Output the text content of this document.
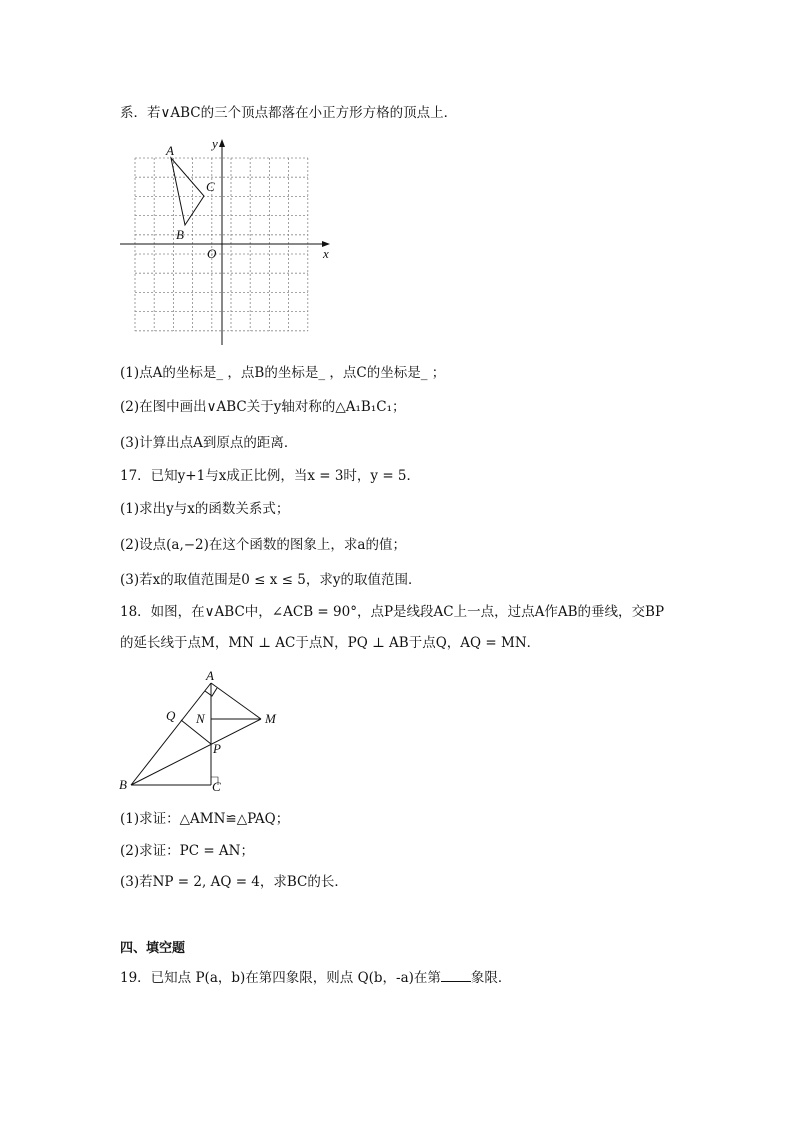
系．若∨ABC的三个顶点都落在小正方形方格的顶点上．
A
C
B
O	x
y
(1)点A的坐标是_ ，点B的坐标是_ ，点C的坐标是_ ；
(2)在图中画出∨ABC关于y轴对称的△A₁B₁C₁；
(3)计算出点A到原点的距离．
17．已知y+1与x成正比例，当x = 3时，y = 5．
(1)求出y与x的函数关系式；
(2)设点(a,−2)在这个函数的图象上，求a的值；
(3)若x的取值范围是0 ≤ x ≤ 5，求y的取值范围．
18．如图，在∨ABC中，∠ACB = 90°，点P是线段AC上一点，过点A作AB的垂线，交BP
的延长线于点M，MN ⊥ AC于点N，PQ ⊥ AB于点Q，AQ = MN．
A
Q N	M
P
B	C
(1)求证：△AMN≌△PAQ；
(2)求证：PC = AN；
(3)若NP = 2, AQ = 4，求BC的长．
四、填空题
19．已知点 P(a，b)在第四象限，则点 Q(b，-a)在第 象限．
